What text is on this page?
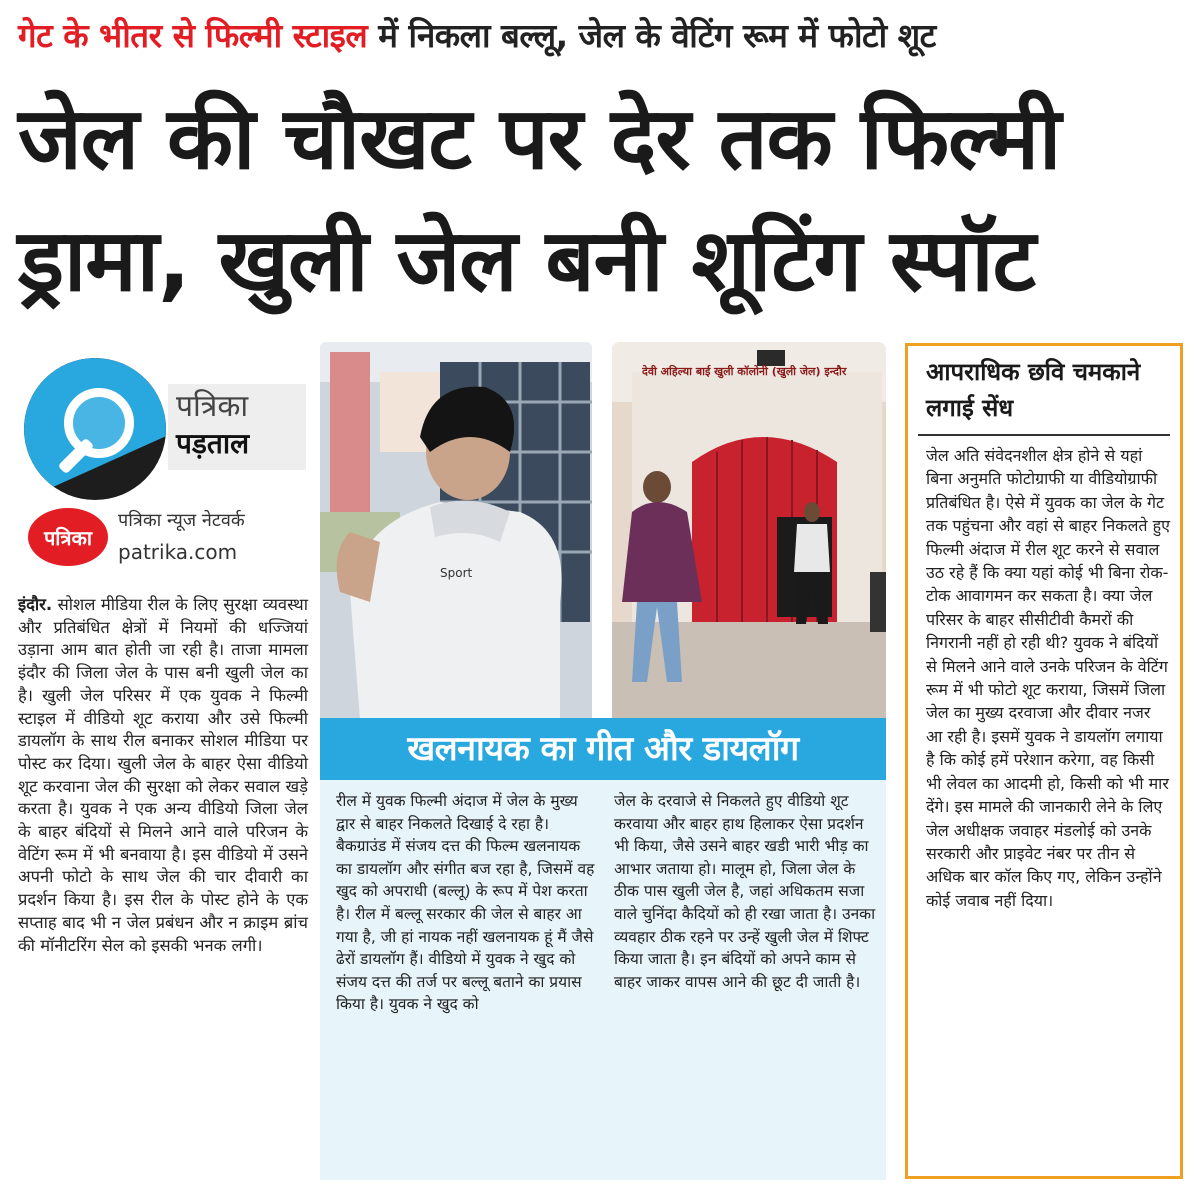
गेट के भीतर से फिल्मी स्टाइल में निकला बल्लू, जेल के वेटिंग रूम में फोटो शूट
जेल की चौखट पर देर तक फिल्मी
ड्रामा, खुली जेल बनी शूटिंग स्पॉट
पत्रिका
पड़ताल
पत्रिका
पत्रिका न्यूज नेटवर्क
patrika.com
इंदौर. सोशल मीडिया रील के लिए सुरक्षा व्यवस्था और प्रतिबंधित क्षेत्रों में नियमों की धज्जियां उड़ाना आम बात होती जा रही है। ताजा मामला इंदौर की जिला जेल के पास बनी खुली जेल का है। खुली जेल परिसर में एक युवक ने फिल्मी स्टाइल में वीडियो शूट कराया और उसे फिल्मी डायलॉग के साथ रील बनाकर सोशल मीडिया पर पोस्ट कर दिया। खुली जेल के बाहर ऐसा वीडियो शूट करवाना जेल की सुरक्षा को लेकर सवाल खड़े करता है। युवक ने एक अन्य वीडियो जिला जेल के बाहर बंदियों से मिलने आने वाले परिजन के वेटिंग रूम में भी बनवाया है। इस वीडियो में उसने अपनी फोटो के साथ जेल की चार दीवारी का प्रदर्शन किया है। इस रील के पोस्ट होने के एक सप्ताह बाद भी न जेल प्रबंधन और न क्राइम ब्रांच की मॉनीटरिंग सेल को इसकी भनक लगी।
Sport
देवी अहिल्या बाई खुली कॉलोनी (खुली जेल) इन्दौर
खलनायक का गीत और डायलॉग
रील में युवक फिल्मी अंदाज में जेल के मुख्य द्वार से बाहर निकलते दिखाई दे रहा है। बैकग्राउंड में संजय दत्त की फिल्म खलनायक का डायलॉग और संगीत बज रहा है, जिसमें वह खुद को अपराधी (बल्लू) के रूप में पेश करता है। रील में बल्लू सरकार की जेल से बाहर आ गया है, जी हां नायक नहीं खलनायक हूं मैं जैसे ढेरों डायलॉग हैं। वीडियो में युवक ने खुद को संजय दत्त की तर्ज पर बल्लू बताने का प्रयास किया है। युवक ने खुद को
जेल के दरवाजे से निकलते हुए वीडियो शूट करवाया और बाहर हाथ हिलाकर ऐसा प्रदर्शन भी किया, जैसे उसने बाहर खडी भारी भीड़ का आभार जताया हो। मालूम हो, जिला जेल के ठीक पास खुली जेल है, जहां अधिकतम सजा वाले चुनिंदा कैदियों को ही रखा जाता है। उनका व्यवहार ठीक रहने पर उन्हें खुली जेल में शिफ्ट किया जाता है। इन बंदियों को अपने काम से बाहर जाकर वापस आने की छूट दी जाती है।
आपराधिक छवि चमकाने लगाई सेंध
जेल अति संवेदनशील क्षेत्र होने से यहां बिना अनुमति फोटोग्राफी या वीडियोग्राफी प्रतिबंधित है। ऐसे में युवक का जेल के गेट तक पहुंचना और वहां से बाहर निकलते हुए फिल्मी अंदाज में रील शूट करने से सवाल उठ रहे हैं कि क्या यहां कोई भी बिना रोक-टोक आवागमन कर सकता है। क्या जेल परिसर के बाहर सीसीटीवी कैमरों की निगरानी नहीं हो रही थी? युवक ने बंदियों से मिलने आने वाले उनके परिजन के वेटिंग रूम में भी फोटो शूट कराया, जिसमें जिला जेल का मुख्य दरवाजा और दीवार नजर आ रही है। इसमें युवक ने डायलॉग लगाया है कि कोई हमें परेशान करेगा, वह किसी भी लेवल का आदमी हो, किसी को भी मार देंगे। इस मामले की जानकारी लेने के लिए जेल अधीक्षक जवाहर मंडलोई को उनके सरकारी और प्राइवेट नंबर पर तीन से अधिक बार कॉल किए गए, लेकिन उन्होंने कोई जवाब नहीं दिया।
